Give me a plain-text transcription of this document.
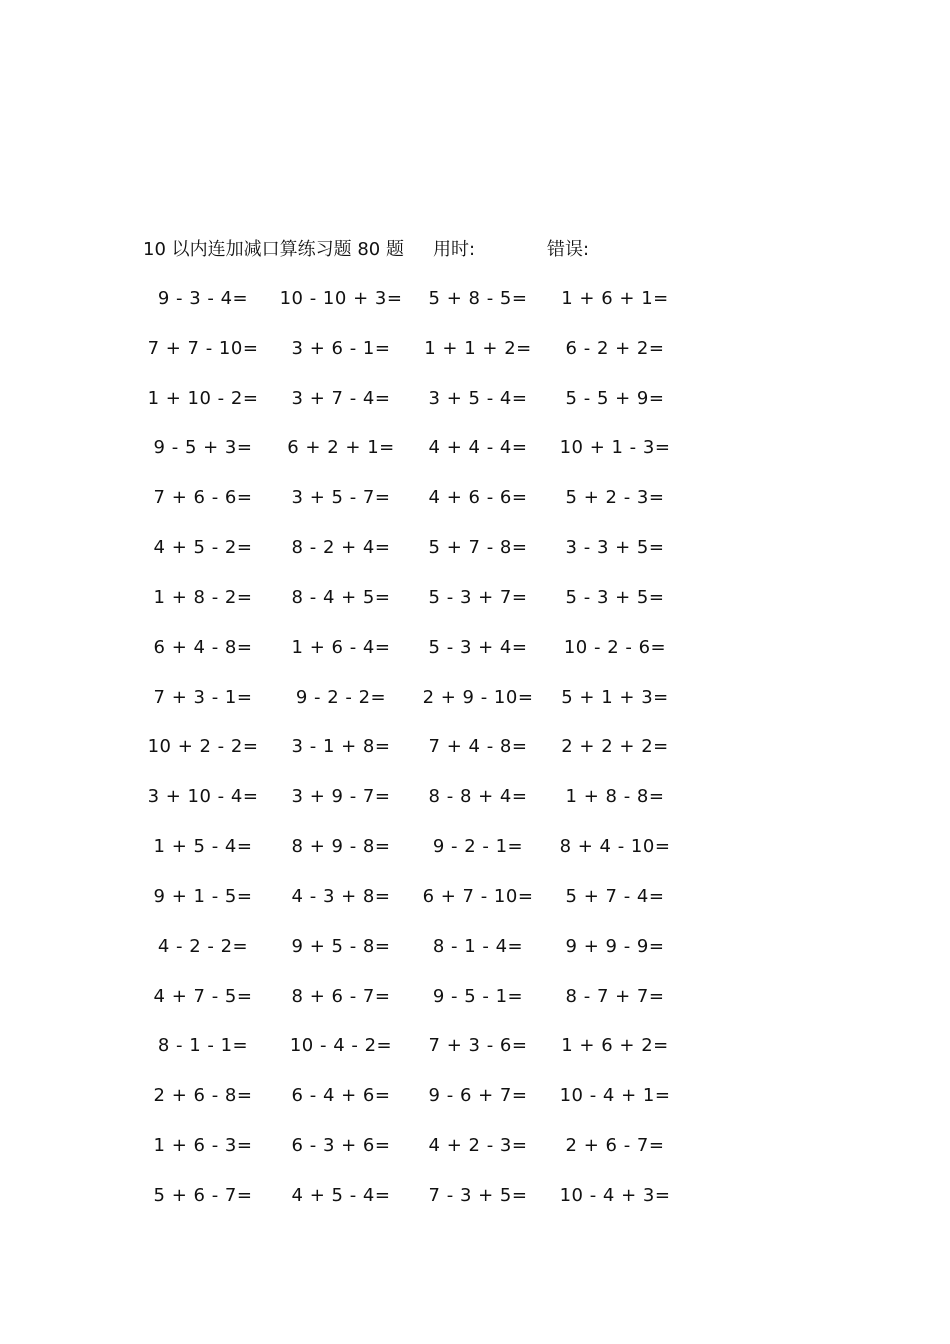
10 以内连加减口算练习题 80 题 用时:	错误:
9 - 3 - 4=	10 - 10 + 3=	5 + 8 - 5=	1 + 6 + 1=
7 + 7 - 10=	3 + 6 - 1=	1 + 1 + 2=	6 - 2 + 2=
1 + 10 - 2=	3 + 7 - 4=	3 + 5 - 4=	5 - 5 + 9=
9 - 5 + 3=	6 + 2 + 1=	4 + 4 - 4=	10 + 1 - 3=
7 + 6 - 6=	3 + 5 - 7=	4 + 6 - 6=	5 + 2 - 3=
4 + 5 - 2=	8 - 2 + 4=	5 + 7 - 8=	3 - 3 + 5=
1 + 8 - 2=	8 - 4 + 5=	5 - 3 + 7=	5 - 3 + 5=
6 + 4 - 8=	1 + 6 - 4=	5 - 3 + 4=	10 - 2 - 6=
7 + 3 - 1=	9 - 2 - 2=	2 + 9 - 10=	5 + 1 + 3=
10 + 2 - 2=	3 - 1 + 8=	7 + 4 - 8=	2 + 2 + 2=
3 + 10 - 4=	3 + 9 - 7=	8 - 8 + 4=	1 + 8 - 8=
1 + 5 - 4=	8 + 9 - 8=	9 - 2 - 1=	8 + 4 - 10=
9 + 1 - 5=	4 - 3 + 8=	6 + 7 - 10=	5 + 7 - 4=
4 - 2 - 2=	9 + 5 - 8=	8 - 1 - 4=	9 + 9 - 9=
4 + 7 - 5=	8 + 6 - 7=	9 - 5 - 1=	8 - 7 + 7=
8 - 1 - 1=	10 - 4 - 2=	7 + 3 - 6=	1 + 6 + 2=
2 + 6 - 8=	6 - 4 + 6=	9 - 6 + 7=	10 - 4 + 1=
1 + 6 - 3=	6 - 3 + 6=	4 + 2 - 3=	2 + 6 - 7=
5 + 6 - 7=	4 + 5 - 4=	7 - 3 + 5=	10 - 4 + 3=
